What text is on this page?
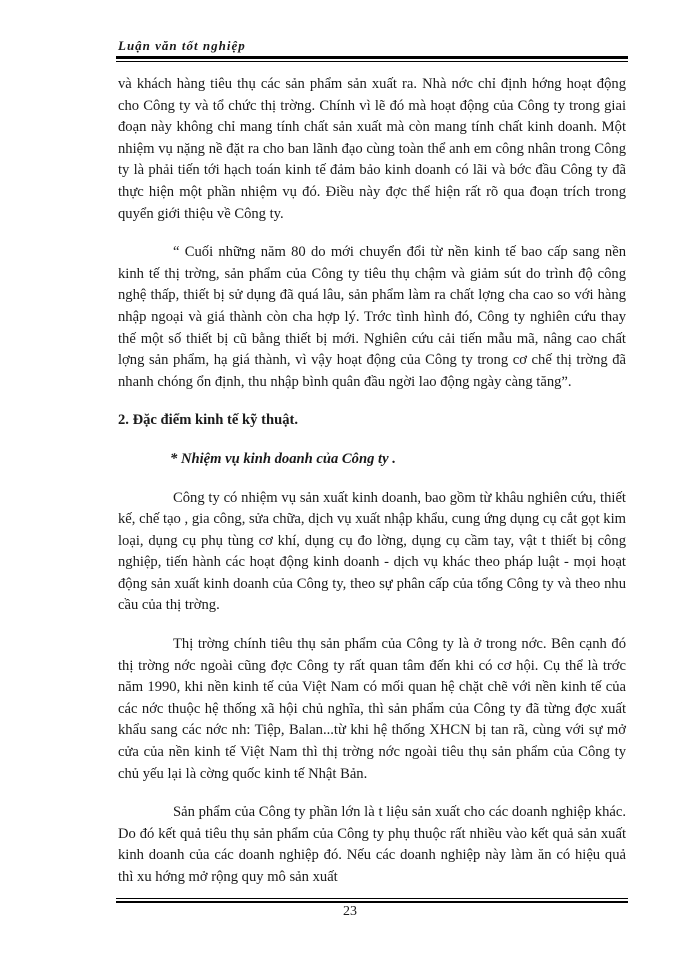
Luận văn tốt nghiệp

và khách hàng tiêu thụ các sản phẩm sản xuất ra. Nhà nớc chỉ định hớng hoạt động cho Công ty và tổ chức thị trờng. Chính vì lẽ đó mà hoạt động của Công ty trong giai đoạn này không chỉ mang tính chất sản xuất mà còn mang tính chất kinh doanh. Một nhiệm vụ nặng nề đặt ra cho ban lãnh đạo cùng toàn thể anh em công nhân trong Công ty là phải tiến tới hạch toán kinh tế đảm bảo kinh doanh có lãi và bớc đầu Công ty đã thực hiện một phần nhiệm vụ đó. Điều này đợc thể hiện rất rõ qua đoạn trích trong quyển giới thiệu về Công ty.

“ Cuối những năm 80 do mới chuyển đổi từ nền kinh tế bao cấp sang nền kinh tế thị trờng, sản phẩm của Công ty tiêu thụ chậm và giảm sút do trình độ công nghệ thấp, thiết bị sử dụng đã quá lâu, sản phẩm làm ra chất lợng cha cao so với hàng nhập ngoại và giá thành còn cha hợp lý. Trớc tình hình đó, Công ty nghiên cứu thay thế một số thiết bị cũ bằng thiết bị mới. Nghiên cứu cải tiến mẫu mã, nâng cao chất lợng sản phẩm, hạ giá thành, vì vậy hoạt động của Công ty trong cơ chế thị trờng đã nhanh chóng ổn định, thu nhập bình quân đầu ngời lao động ngày càng tăng”.

2. Đặc điểm kinh tế kỹ thuật.

* Nhiệm vụ kinh doanh của Công ty .

Công ty có nhiệm vụ sản xuất kinh doanh, bao gồm từ khâu nghiên cứu, thiết kế, chế tạo , gia công, sửa chữa, dịch vụ xuất nhập khẩu, cung ứng dụng cụ cắt gọt kim loại, dụng cụ phụ tùng cơ khí, dụng cụ đo lờng, dụng cụ cầm tay, vật t thiết bị công nghiệp, tiến hành các hoạt động kinh doanh - dịch vụ khác theo pháp luật - mọi hoạt động sản xuất kinh doanh của Công ty, theo sự phân cấp của tổng Công ty và theo nhu cầu của thị trờng.

Thị trờng chính tiêu thụ sản phẩm của Công ty là ở trong nớc. Bên cạnh đó thị trờng nớc ngoài cũng đợc Công ty rất quan tâm đến khi có cơ hội. Cụ thể là trớc năm 1990, khi nền kinh tế của Việt Nam có mối quan hệ chặt chẽ với nền kinh tế của các nớc thuộc hệ thống xã hội chủ nghĩa, thì sản phẩm của Công ty đã từng đợc xuất khẩu sang các nớc nh: Tiệp, Balan...từ khi hệ thống XHCN bị tan rã, cùng với sự mở cửa của nền kinh tế Việt Nam thì thị trờng nớc ngoài tiêu thụ sản phẩm của Công ty chủ yếu lại là cờng quốc kinh tế Nhật Bản.

Sản phẩm của Công ty phần lớn là t liệu sản xuất cho các doanh nghiệp khác. Do đó kết quả tiêu thụ sản phẩm của Công ty phụ thuộc rất nhiều vào kết quả sản xuất kinh doanh của các doanh nghiệp đó. Nếu các doanh nghiệp này làm ăn có hiệu quả thì xu hớng mở rộng quy mô sản xuất

23
